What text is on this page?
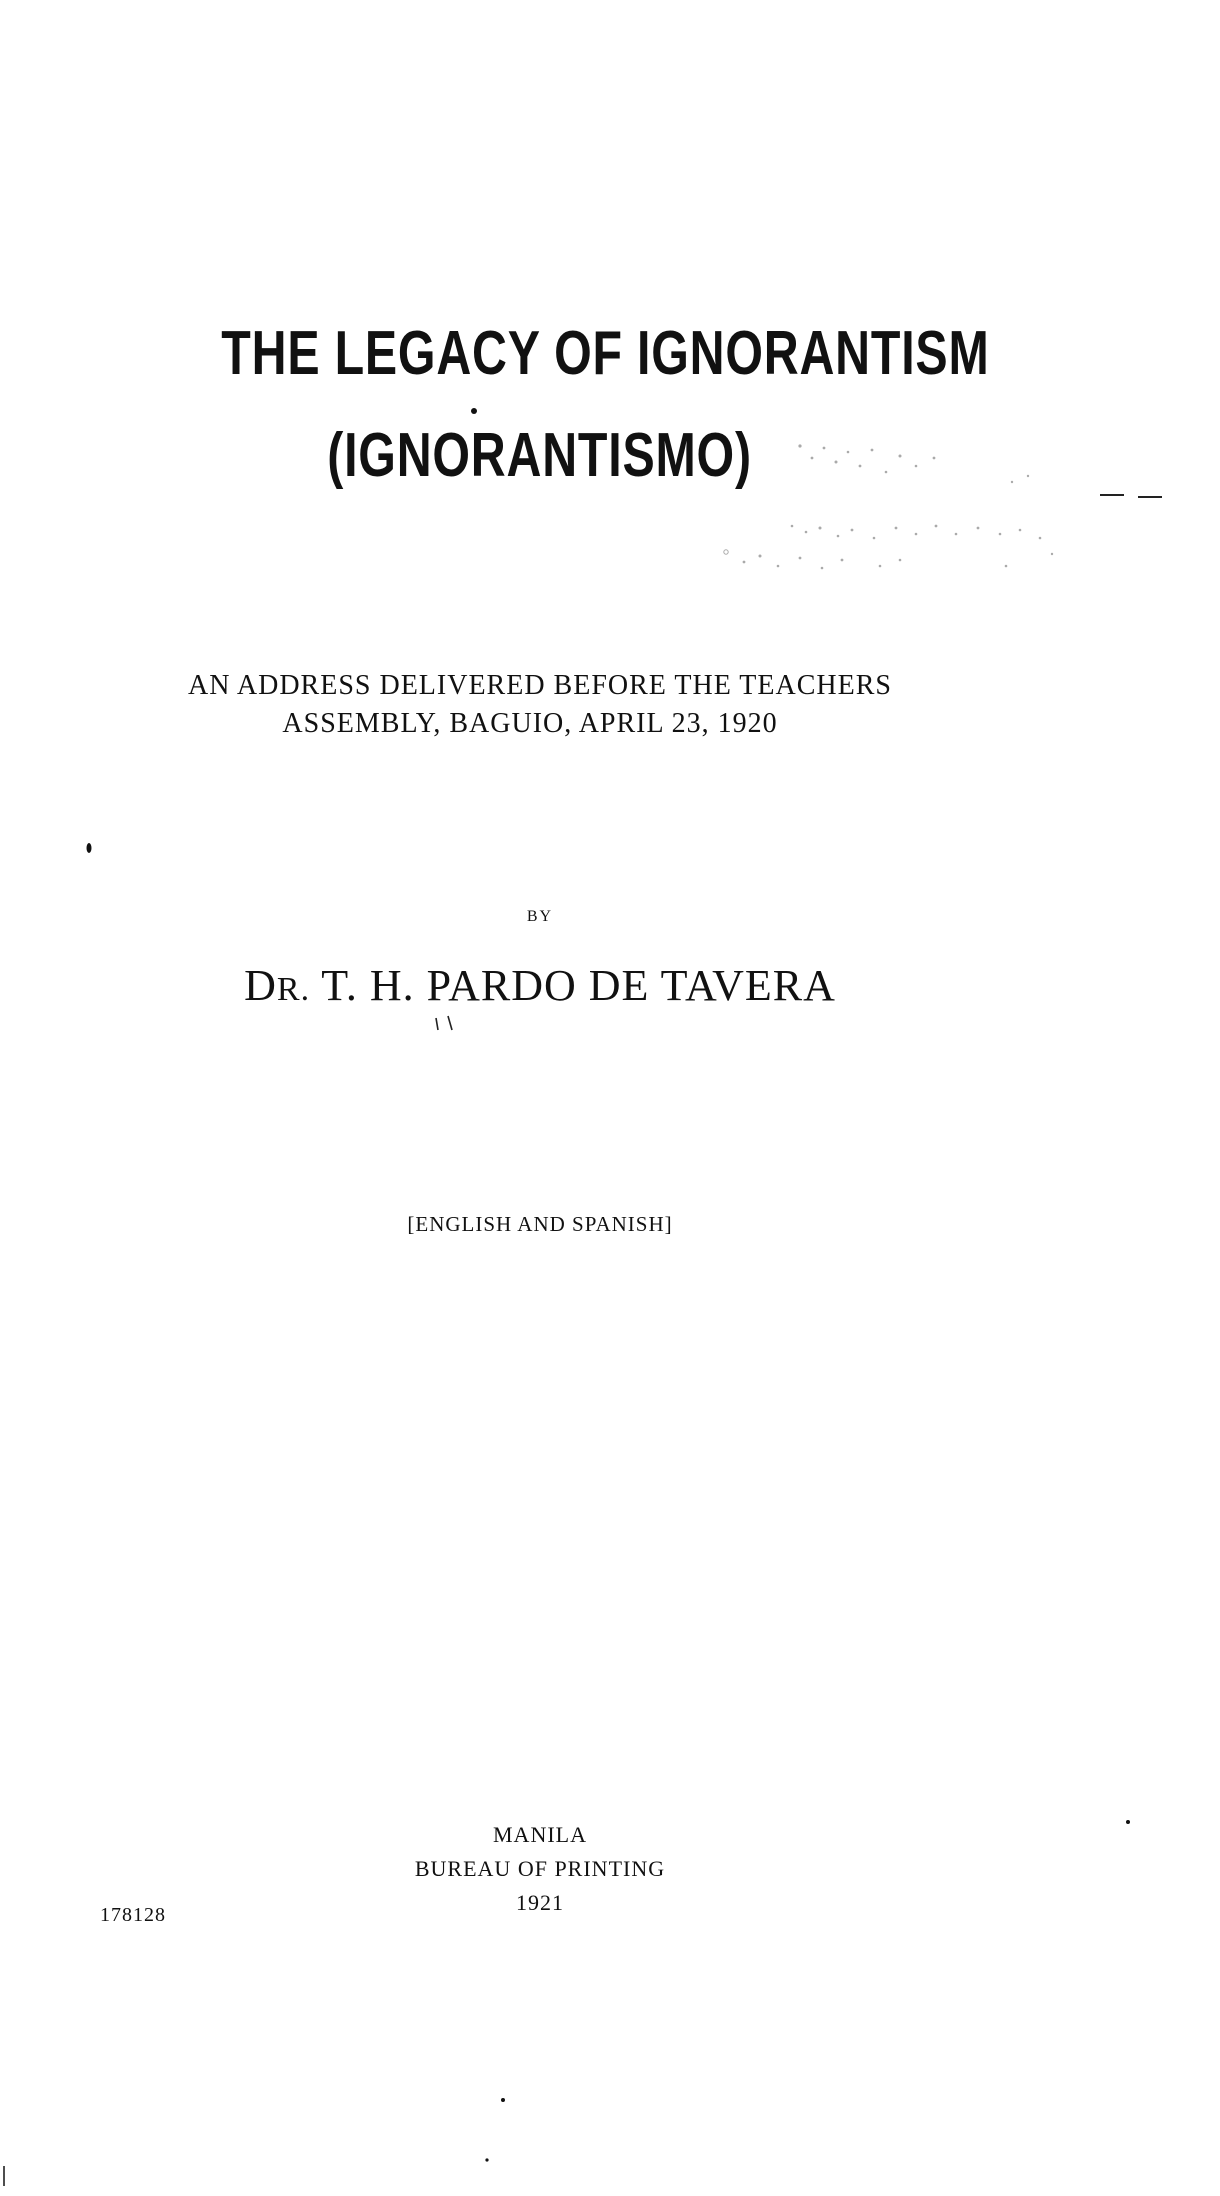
THE LEGACY OF IGNORANTISM
(IGNORANTISMO)
AN ADDRESS DELIVERED BEFORE THE TEACHERS
ASSEMBLY, BAGUIO, APRIL 23, 1920
BY
DR. T. H. PARDO DE TAVERA
[ENGLISH AND SPANISH]
MANILA
BUREAU OF PRINTING
1921
178128
